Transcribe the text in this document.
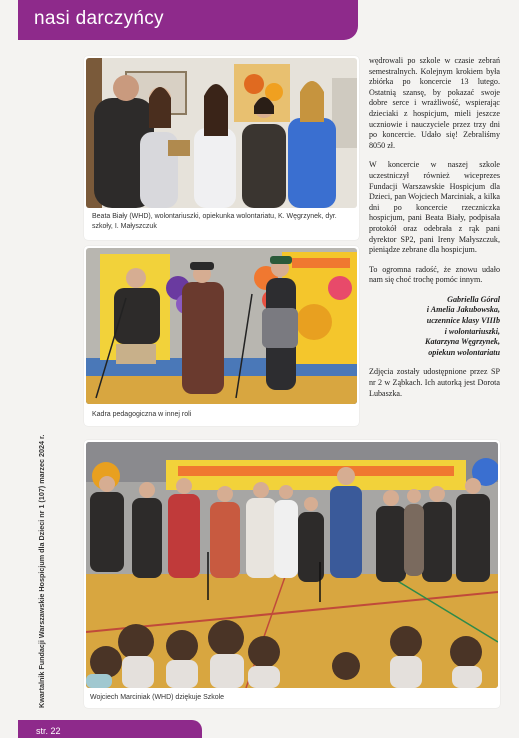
nasi darczyńcy
Kwartalnik Fundacji Warszawskie Hospicjum dla Dzieci nr 1 (107) marzec 2024 r.
Beata Biały (WHD), wolontariuszki, opiekunka wolontariatu, K. Węgrzynek, dyr. szkoły, I. Małyszczuk
Kadra pedagogiczna w innej roli
Wojciech Marciniak (WHD) dziękuje Szkole

wędrowali po szkole w czasie zebrań semestralnych. Kolejnym krokiem była zbiórka po koncercie 13 lutego. Ostatnią szansę, by pokazać swoje dobre serce i wrażliwość, wspierając dzieciaki z hospicjum, mieli jeszcze uczniowie i nauczyciele przez trzy dni po koncercie. Udało się! Zebraliśmy 8050 zł.

W koncercie w naszej szkole uczestniczył również wiceprezes Fundacji Warszawskie Hospicjum dla Dzieci, pan Wojciech Marciniak, a kilka dni po koncercie rzeczniczka hospicjum, pani Beata Biały, podpisała protokół oraz odebrała z rąk pani dyrektor SP2, pani Ireny Małyszczuk, pieniądze zebrane dla hospicjum.

To ogromna radość, że znowu udało nam się choć trochę pomóc innym.

Gabriella Góral
i Amelia Jakubowska,
uczennice klasy VIIIb
i wolontariuszki,
Katarzyna Węgrzynek,
opiekun wolontariatu

Zdjęcia zostały udostępnione przez SP nr 2 w Ząbkach. Ich autorką jest Dorota Lubaszka.

str. 22
